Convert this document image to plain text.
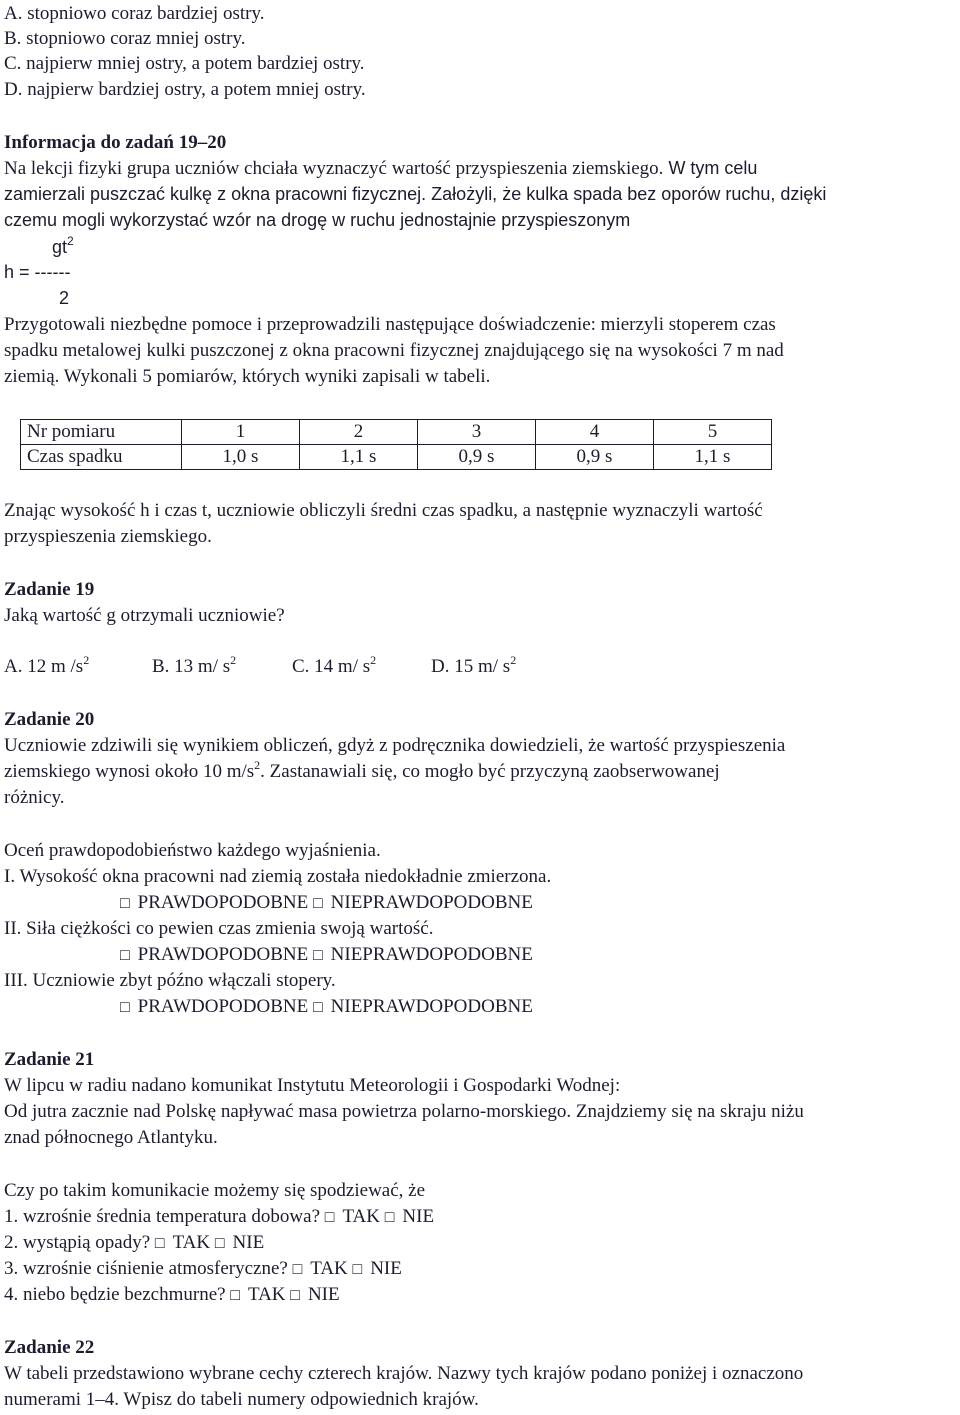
A. stopniowo coraz bardziej ostry.
B. stopniowo coraz mniej ostry.
C. najpierw mniej ostry, a potem bardziej ostry.
D. najpierw bardziej ostry, a potem mniej ostry.
Informacja do zadań 19–20
Na lekcji fizyki grupa uczniów chciała wyznaczyć wartość przyspieszenia ziemskiego. W tym celu
zamierzali puszczać kulkę z okna pracowni fizycznej. Założyli, że kulka spada bez oporów ruchu, dzięki
czemu mogli wykorzystać wzór na drogę w ruchu jednostajnie przyspieszonym
$gt^2$
h = ------
2
Przygotowali niezbędne pomoce i przeprowadzili następujące doświadczenie: mierzyli stoperem czas
spadku metalowej kulki puszczonej z okna pracowni fizycznej znajdującego się na wysokości 7 m nad
ziemią. Wykonali 5 pomiarów, których wyniki zapisali w tabeli.
Nr pomiaru	1	2	3	4	5
Czas spadku	1,0 s	1,1 s	0,9 s	0,9 s	1,1 s
Znając wysokość h i czas t, uczniowie obliczyli średni czas spadku, a następnie wyznaczyli wartość
przyspieszenia ziemskiego.
Zadanie 19
Jaką wartość g otrzymali uczniowie?
A. 12 m $/s^2$	B. 13 m/ $s^2$	C. 14 m/ $s^2$	D. 15 m/ $s^2$
Zadanie 20
Uczniowie zdziwili się wynikiem obliczeń, gdyż z podręcznika dowiedzieli, że wartość przyspieszenia
ziemskiego wynosi około 10 $m/s^2$. Zastanawiali się, co mogło być przyczyną zaobserwowanej
różnicy.
Oceń prawdopodobieństwo każdego wyjaśnienia.
I. Wysokość okna pracowni nad ziemią została niedokładnie zmierzona.
□ PRAWDOPODOBNE □ NIEPRAWDOPODOBNE
II. Siła ciężkości co pewien czas zmienia swoją wartość.
□ PRAWDOPODOBNE □ NIEPRAWDOPODOBNE
III. Uczniowie zbyt późno włączali stopery.
□ PRAWDOPODOBNE □ NIEPRAWDOPODOBNE
Zadanie 21
W lipcu w radiu nadano komunikat Instytutu Meteorologii i Gospodarki Wodnej:
Od jutra zacznie nad Polskę napływać masa powietrza polarno-morskiego. Znajdziemy się na skraju niżu
znad północnego Atlantyku.
Czy po takim komunikacie możemy się spodziewać, że
1. wzrośnie średnia temperatura dobowa? □ TAK □ NIE
2. wystąpią opady? □ TAK □ NIE
3. wzrośnie ciśnienie atmosferyczne? □ TAK □ NIE
4. niebo będzie bezchmurne? □ TAK □ NIE
Zadanie 22
W tabeli przedstawiono wybrane cechy czterech krajów. Nazwy tych krajów podano poniżej i oznaczono
numerami 1–4. Wpisz do tabeli numery odpowiednich krajów.
